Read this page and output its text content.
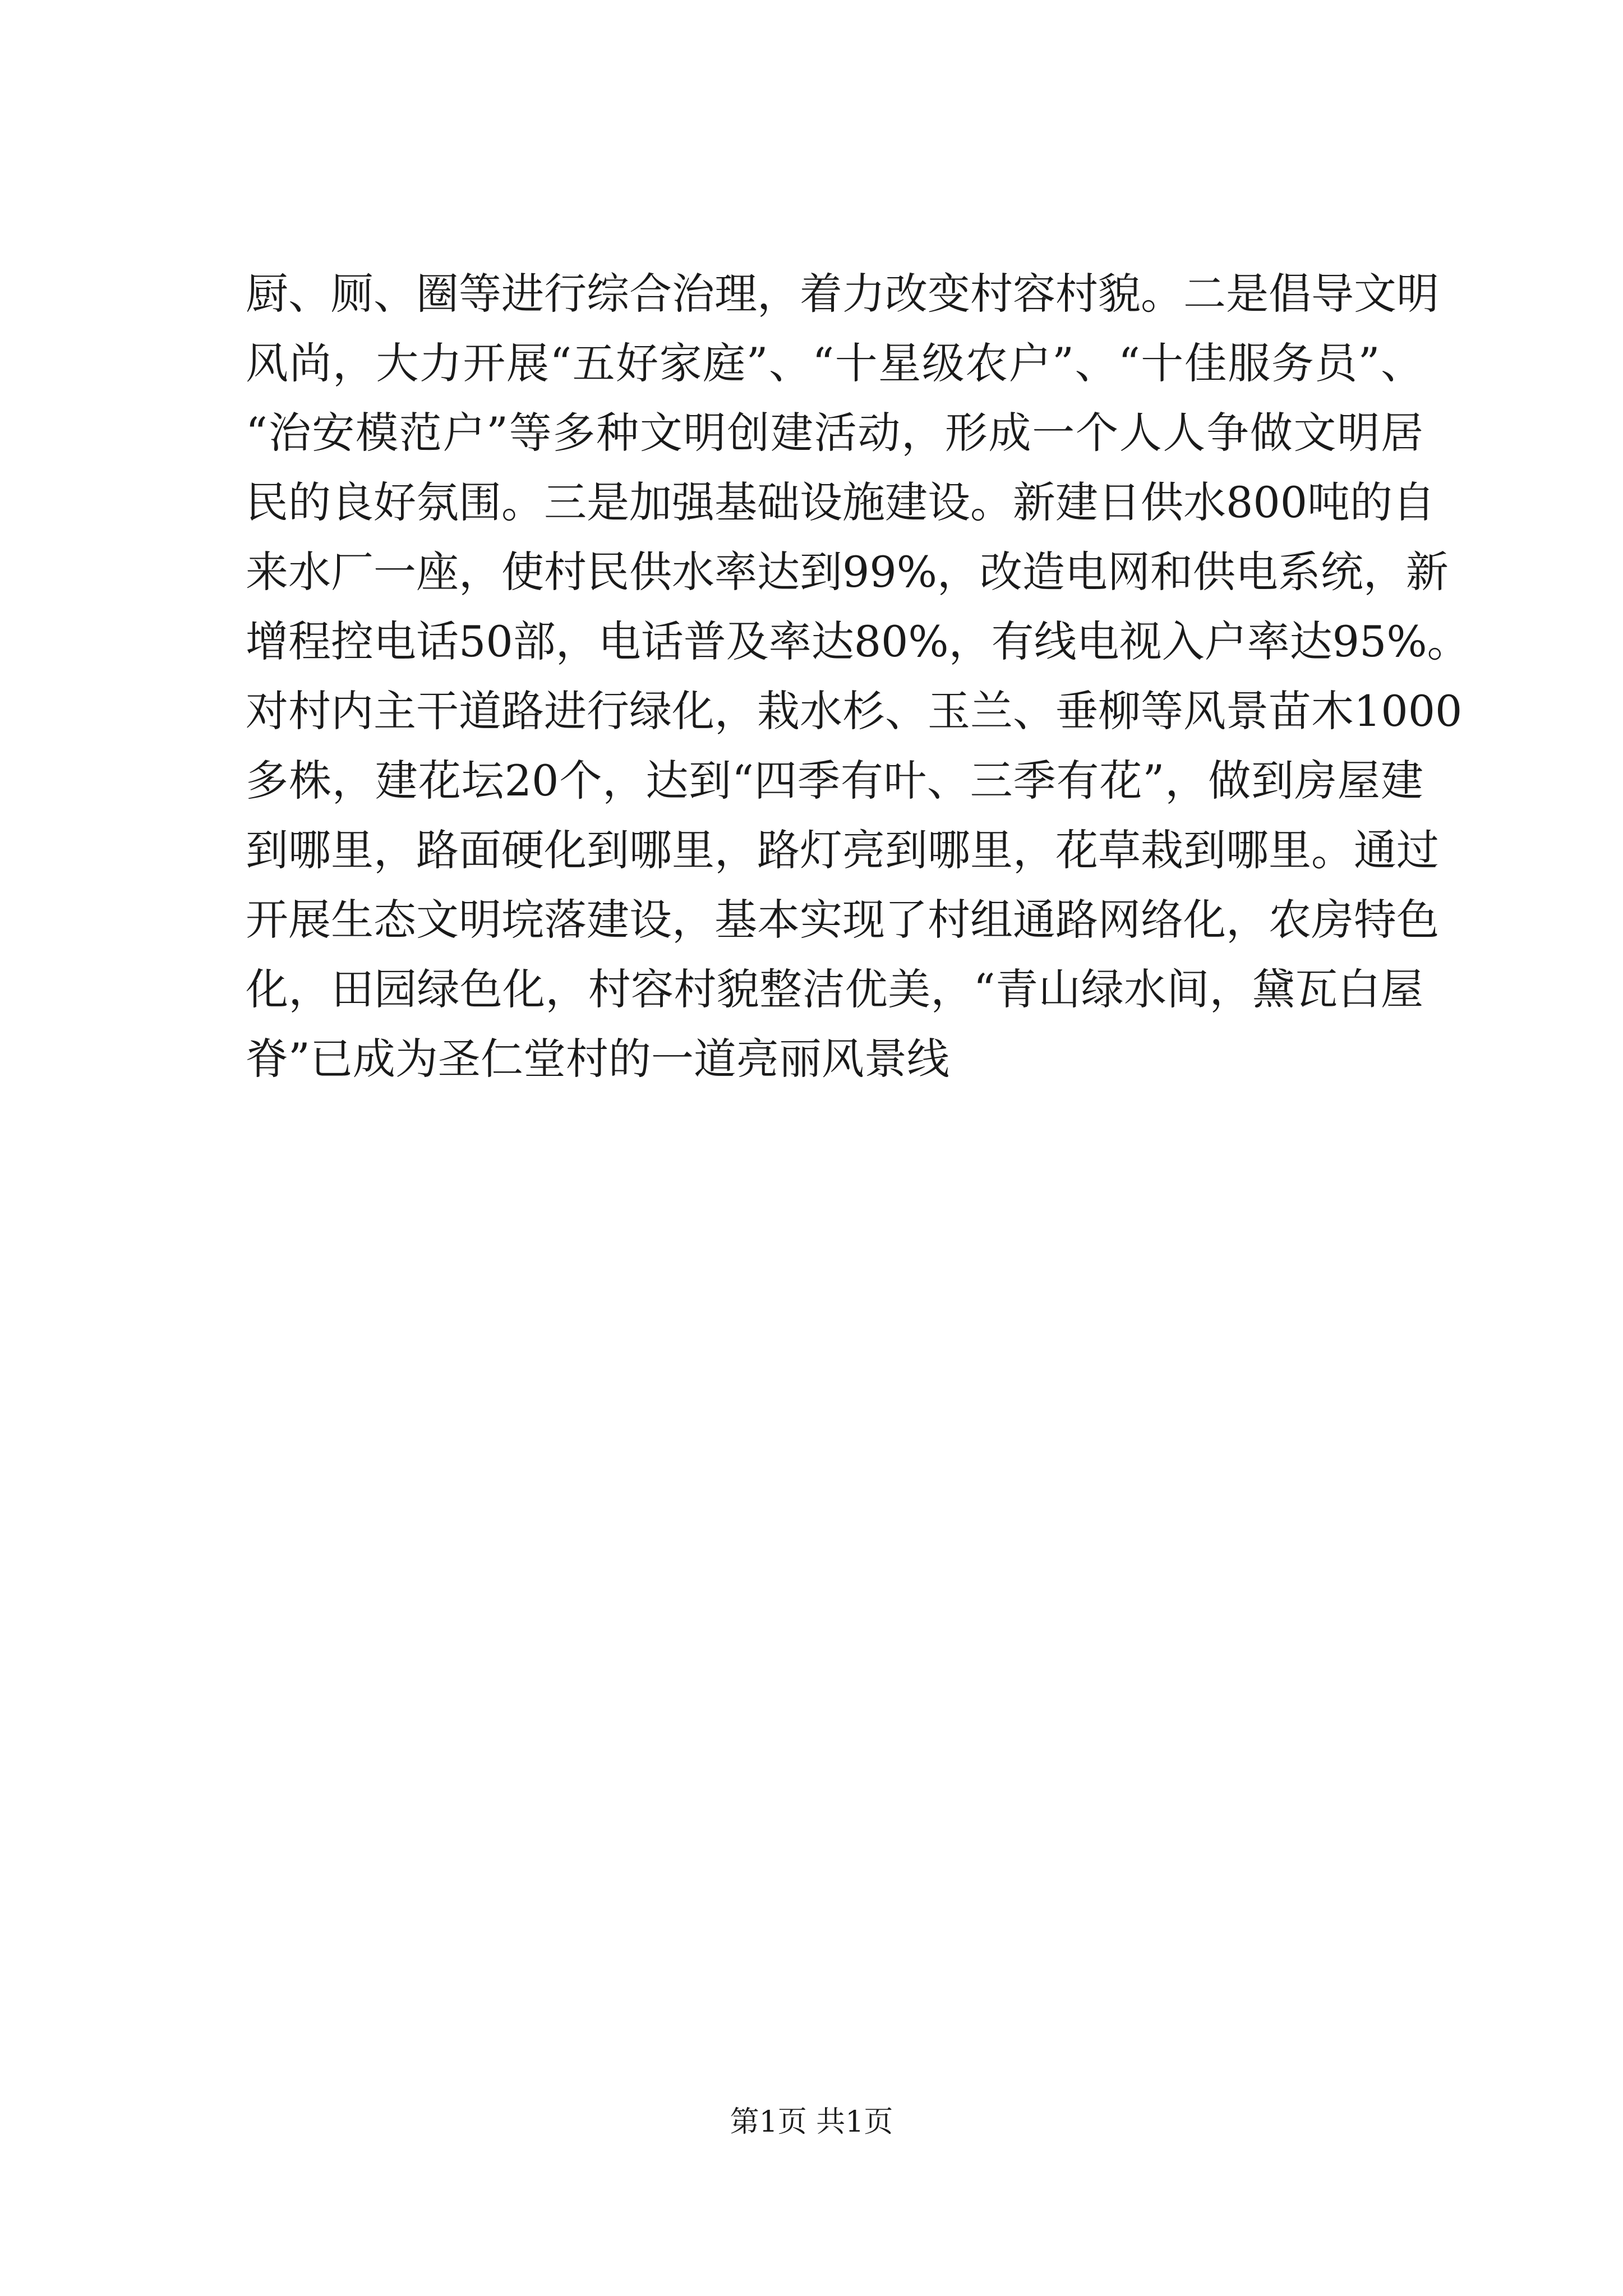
厨、厕、圈等进行综合治理，着力改变村容村貌。二是倡导文明
风尚，大力开展“五好家庭”、“十星级农户”、“十佳服务员”、
“治安模范户”等多种文明创建活动，形成一个人人争做文明居
民的良好氛围。三是加强基础设施建设。新建日供水800吨的自
来水厂一座，使村民供水率达到99%，改造电网和供电系统，新
增程控电话50部，电话普及率达80%，有线电视入户率达95%。
对村内主干道路进行绿化，栽水杉、玉兰、垂柳等风景苗木1000
多株，建花坛20个，达到“四季有叶、三季有花”，做到房屋建
到哪里，路面硬化到哪里，路灯亮到哪里，花草栽到哪里。通过
开展生态文明垸落建设，基本实现了村组通路网络化，农房特色
化，田园绿色化，村容村貌整洁优美，“青山绿水间，黛瓦白屋
脊”已成为圣仁堂村的一道亮丽风景线
第1页 共1页
